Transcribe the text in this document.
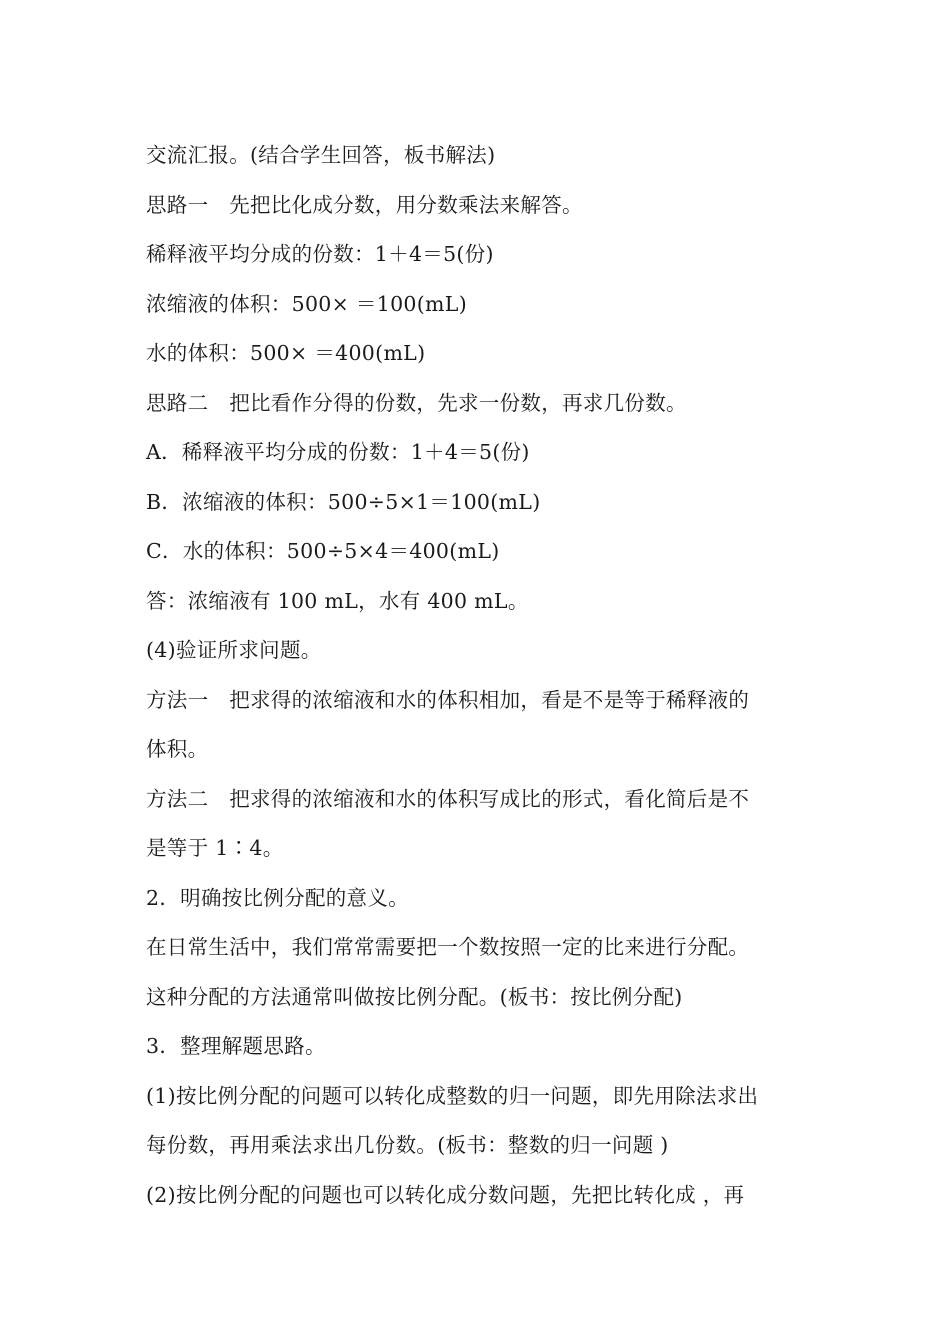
交流汇报。(结合学生回答，板书解法)
思路一　先把比化成分数，用分数乘法来解答。
稀释液平均分成的份数：1＋4＝5(份)
浓缩液的体积：500× ＝100(mL)
水的体积：500× ＝400(mL)
思路二　把比看作分得的份数，先求一份数，再求几份数。
A．稀释液平均分成的份数：1＋4＝5(份)
B．浓缩液的体积：500÷5×1＝100(mL)
C．水的体积：500÷5×4＝400(mL)
答：浓缩液有 100 mL，水有 400 mL。
(4)验证所求问题。
方法一　把求得的浓缩液和水的体积相加，看是不是等于稀释液的
体积。
方法二　把求得的浓缩液和水的体积写成比的形式，看化简后是不
是等于 1∶4。
2．明确按比例分配的意义。
在日常生活中，我们常常需要把一个数按照一定的比来进行分配。
这种分配的方法通常叫做按比例分配。(板书：按比例分配)
3．整理解题思路。
(1)按比例分配的问题可以转化成整数的归一问题，即先用除法求出
每份数，再用乘法求出几份数。(板书：整数的归一问题 )
(2)按比例分配的问题也可以转化成分数问题，先把比转化成 ，再
